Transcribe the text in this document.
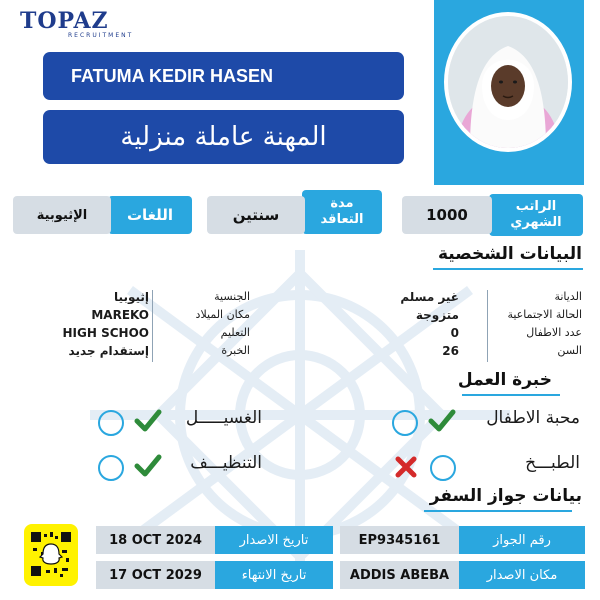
TOPAZ
RECRUITMENT
FATUMA KEDIR HASEN
المهنة عاملة منزلية
الراتب الشهري
1000
مدة التعاقد
سنتين
اللغات
الإثيوبية
البيانات الشخصية
الديانة
الحالة الاجتماعية
عدد الاطفال
السن
غير مسلم
متزوجة
0
26
الجنسية
مكان الميلاد
التعليم
الخبرة
إثيوبيا
MAREKO
HIGH SCHOO
إستقدام جديد
خبرة العمل
محبة الاطفال
الغسيـــــل
الطبـــخ
التنظيـــف
بيانات جواز السفر
رقم الجواز
EP9345161
تاريخ الاصدار
18 OCT 2024
مكان الاصدار
ADDIS ABEBA
تاريخ الانتهاء
17 OCT 2029
